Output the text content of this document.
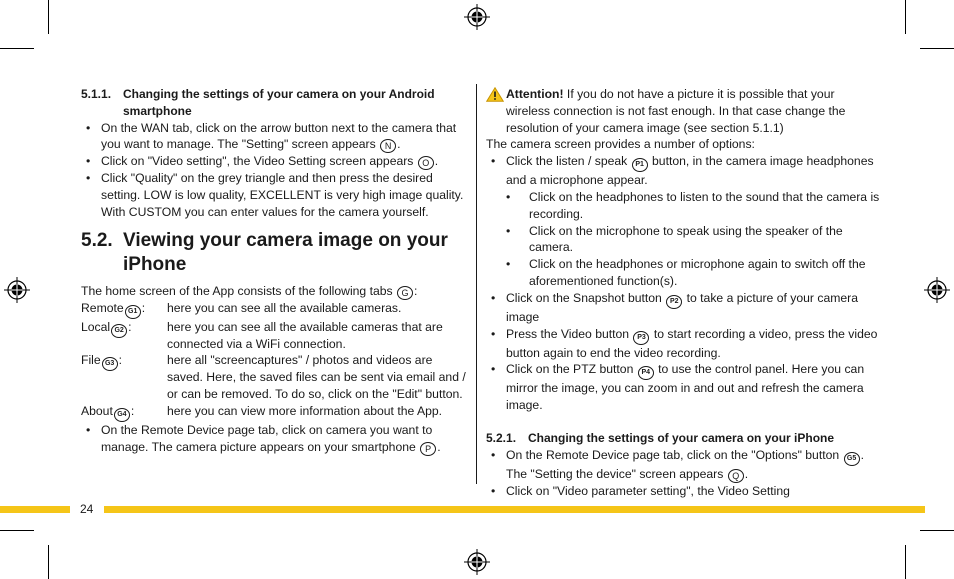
5.1.1. Changing the settings of your camera on your Android smartphone
• On the WAN tab, click on the arrow button next to the camera that you want to manage. The "Setting" screen appears N .
• Click on "Video setting", the Video Setting screen appears O .
• Click "Quality" on the grey triangle and then press the desired setting. LOW is low quality, EXCELLENT is very high image quality. With CUSTOM you can enter values for the camera yourself.
5.2. Viewing your camera image on your iPhone
The home screen of the App consists of the following tabs G :
Remote G1 :	here you can see all the available cameras.
Local G2 :	here you can see all the available cameras that are connected via a WiFi connection.
File G3 :	here all "screencaptures" / photos and videos are saved. Here, the saved files can be sent via email and / or can be removed. To do so, click on the "Edit" button.
About G4 :	here you can view more information about the App.
• On the Remote Device page tab, click on camera you want to manage. The camera picture appears on your smartphone P .
Attention! If you do not have a picture it is possible that your wireless connection is not fast enough. In that case change the resolution of your camera image (see section 5.1.1)
The camera screen provides a number of options:
• Click the listen / speak P1 button, in the camera image headphones and a microphone appear.
• Click on the headphones to listen to the sound that the camera is recording.
• Click on the microphone to speak using the speaker of the camera.
• Click on the headphones or microphone again to switch off the aforementioned function(s).
• Click on the Snapshot button P2 to take a picture of your camera image
• Press the Video button P3 to start recording a video, press the video button again to end the video recording.
• Click on the PTZ button P4 to use the control panel. Here you can mirror the image, you can zoom in and out and refresh the camera image.
5.2.1. Changing the settings of your camera on your iPhone
• On the Remote Device page tab, click on the "Options" button G5 . The "Setting the device" screen appears Q .
• Click on "Video parameter setting", the Video Setting
24
